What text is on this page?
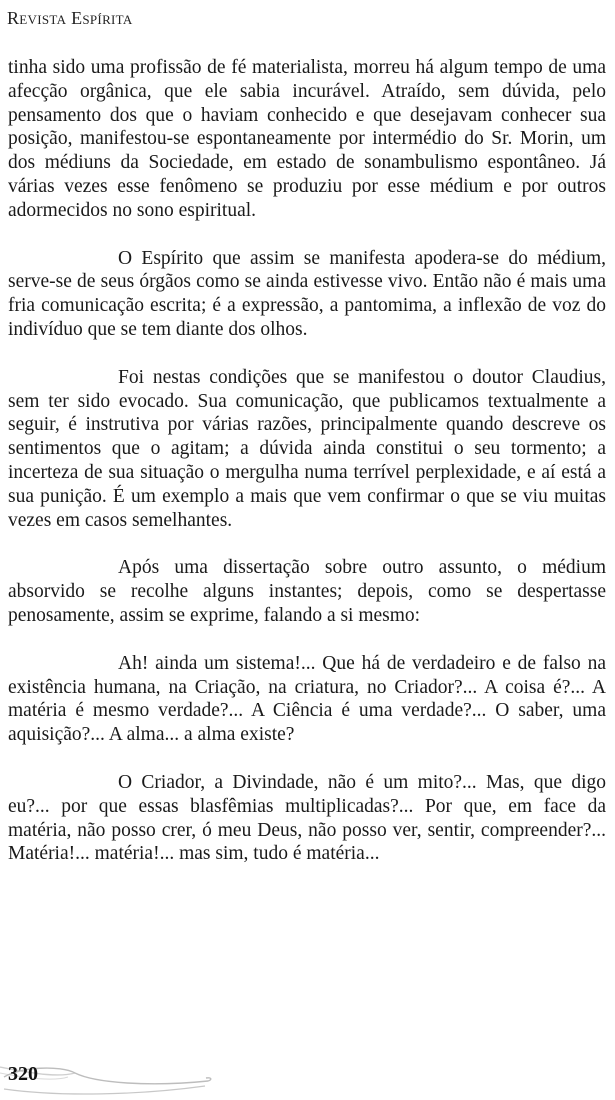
Revista Espírita

tinha sido uma profissão de fé materialista, morreu há algum tempo de uma afecção orgânica, que ele sabia incurável. Atraído, sem dúvida, pelo pensamento dos que o haviam conhecido e que desejavam conhecer sua posição, manifestou-se espontaneamente por intermédio do Sr. Morin, um dos médiuns da Sociedade, em estado de sonambulismo espontâneo. Já várias vezes esse fenômeno se produziu por esse médium e por outros adormecidos no sono espiritual.

O Espírito que assim se manifesta apodera-se do médium, serve-se de seus órgãos como se ainda estivesse vivo. Então não é mais uma fria comunicação escrita; é a expressão, a pantomima, a inflexão de voz do indivíduo que se tem diante dos olhos.

Foi nestas condições que se manifestou o doutor Claudius, sem ter sido evocado. Sua comunicação, que publicamos textualmente a seguir, é instrutiva por várias razões, principalmente quando descreve os sentimentos que o agitam; a dúvida ainda constitui o seu tormento; a incerteza de sua situação o mergulha numa terrível perplexidade, e aí está a sua punição. É um exemplo a mais que vem confirmar o que se viu muitas vezes em casos semelhantes.

Após uma dissertação sobre outro assunto, o médium absorvido se recolhe alguns instantes; depois, como se despertasse penosamente, assim se exprime, falando a si mesmo:

Ah! ainda um sistema!... Que há de verdadeiro e de falso na existência humana, na Criação, na criatura, no Criador?... A coisa é?... A matéria é mesmo verdade?... A Ciência é uma verdade?... O saber, uma aquisição?... A alma... a alma existe?

O Criador, a Divindade, não é um mito?... Mas, que digo eu?... por que essas blasfêmias multiplicadas?... Por que, em face da matéria, não posso crer, ó meu Deus, não posso ver, sentir, compreender?... Matéria!... matéria!... mas sim, tudo é matéria...

320
